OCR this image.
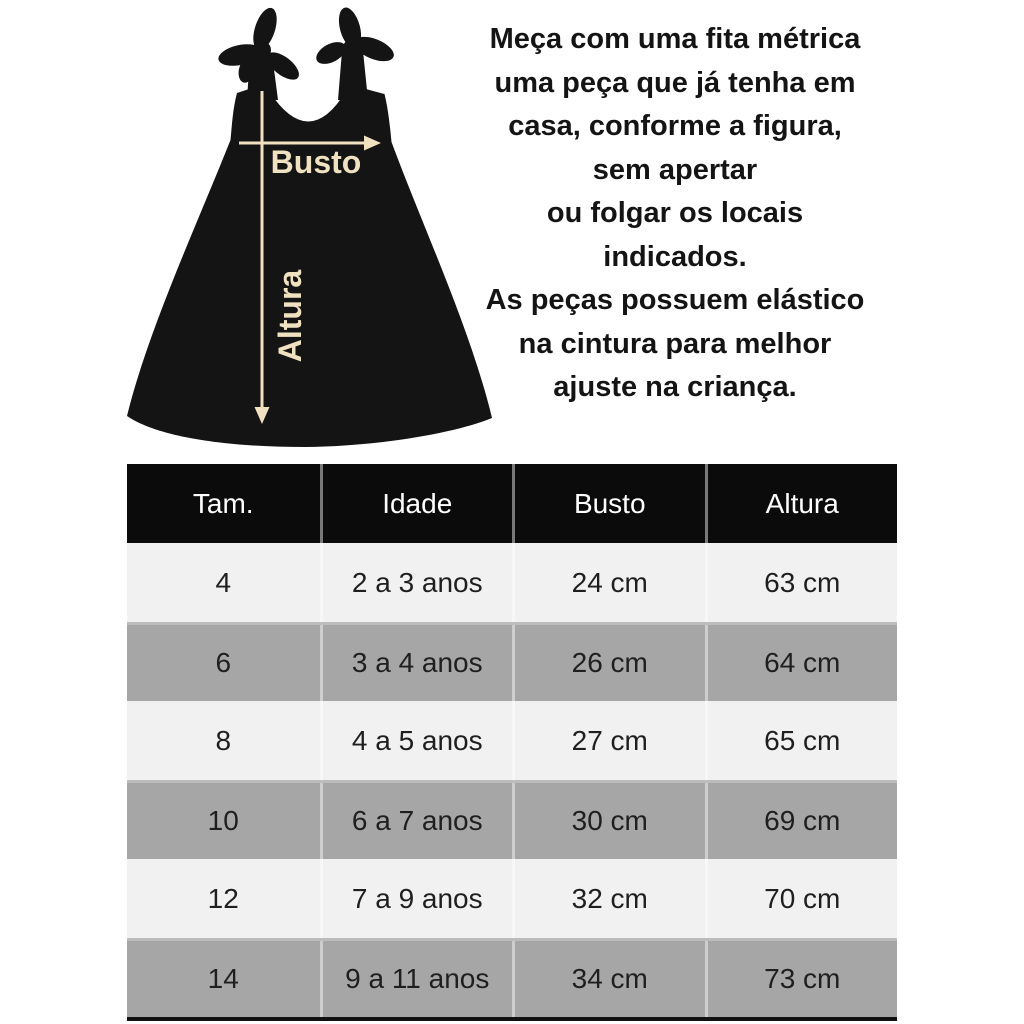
Busto
Altura
Meça com uma fita métrica
uma peça que já tenha em
casa, conforme a figura,
sem apertar
ou folgar os locais
indicados.
As peças possuem elástico
na cintura para melhor
ajuste na criança.
Tam.	Idade	Busto	Altura
4	2 a 3 anos	24 cm	63 cm
6	3 a 4 anos	26 cm	64 cm
8	4 a 5 anos	27 cm	65 cm
10	6 a 7 anos	30 cm	69 cm
12	7 a 9 anos	32 cm	70 cm
14	9 a 11 anos	34 cm	73 cm
